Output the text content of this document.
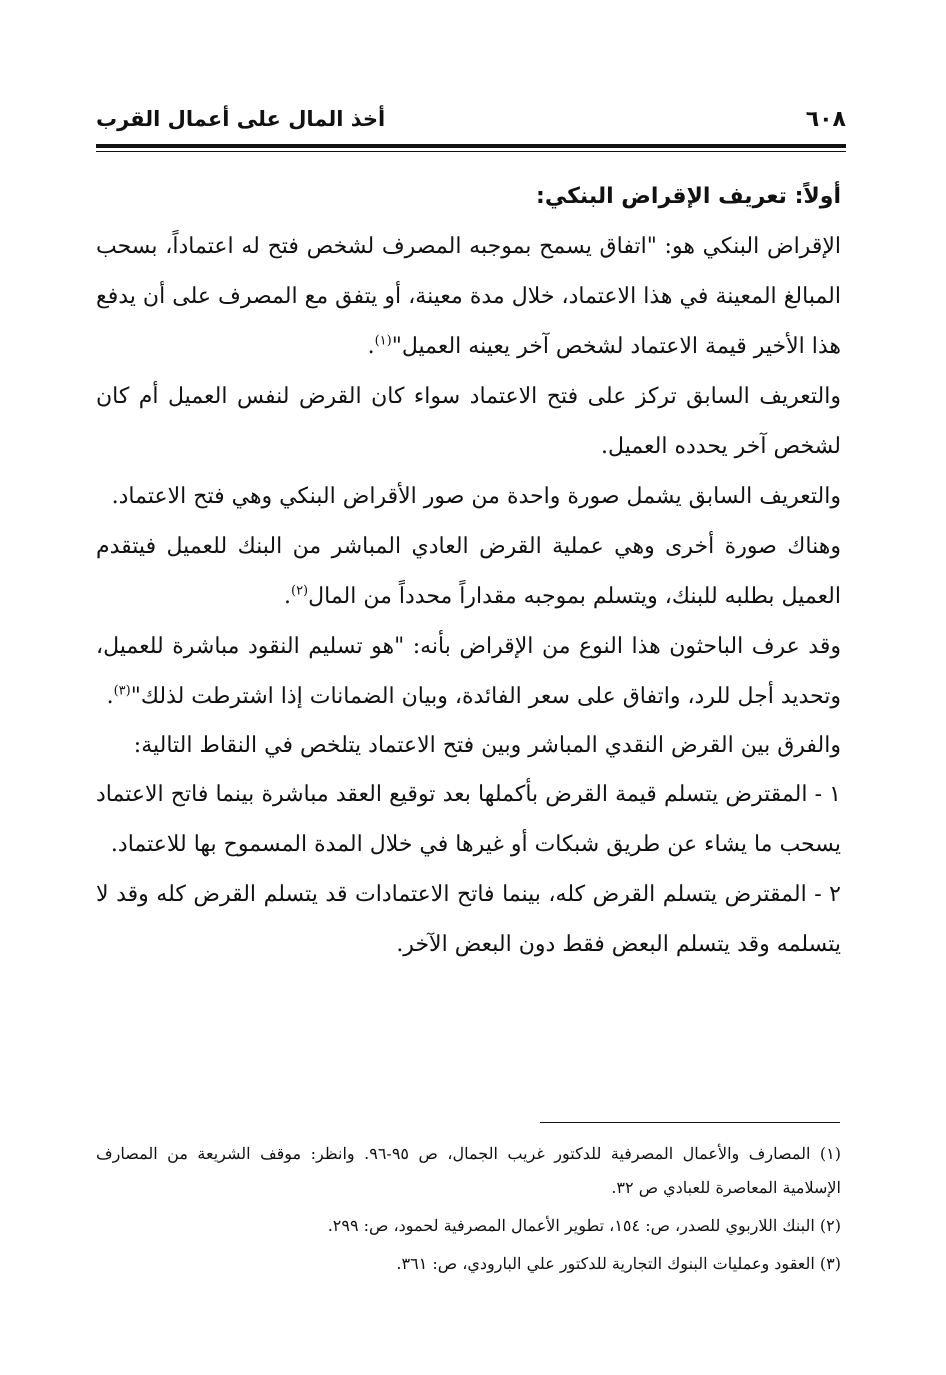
٦٠٨
أخذ المال على أعمال القرب
أولاً: تعريف الإقراض البنكي:

الإقراض البنكي هو: "اتفاق يسمح بموجبه المصرف لشخص فتح له اعتماداً، بسحب المبالغ المعينة في هذا الاعتماد، خلال مدة معينة، أو يتفق مع المصرف على أن يدفع هذا الأخير قيمة الاعتماد لشخص آخر يعينه العميل"$^{(١)}$.

والتعريف السابق تركز على فتح الاعتماد سواء كان القرض لنفس العميل أم كان لشخص آخر يحدده العميل.

والتعريف السابق يشمل صورة واحدة من صور الأقراض البنكي وهي فتح الاعتماد.

وهناك صورة أخرى وهي عملية القرض العادي المباشر من البنك للعميل فيتقدم العميل بطلبه للبنك، ويتسلم بموجبه مقداراً محدداً من المال$^{(٢)}$.

وقد عرف الباحثون هذا النوع من الإقراض بأنه: "هو تسليم النقود مباشرة للعميل، وتحديد أجل للرد، واتفاق على سعر الفائدة، وبيان الضمانات إذا اشترطت لذلك"$^{(٣)}$.

والفرق بين القرض النقدي المباشر وبين فتح الاعتماد يتلخص في النقاط التالية:

١ - المقترض يتسلم قيمة القرض بأكملها بعد توقيع العقد مباشرة بينما فاتح الاعتماد يسحب ما يشاء عن طريق شبكات أو غيرها في خلال المدة المسموح بها للاعتماد.

٢ - المقترض يتسلم القرض كله، بينما فاتح الاعتمادات قد يتسلم القرض كله وقد لا يتسلمه وقد يتسلم البعض فقط دون البعض الآخر.

(١) المصارف والأعمال المصرفية للدكتور غريب الجمال، ص ٩٥-٩٦. وانظر: موقف الشريعة من المصارف الإسلامية المعاصرة للعبادي ص ٣٢.

(٢) البنك اللاربوي للصدر، ص: ١٥٤، تطوير الأعمال المصرفية لحمود، ص: ٢٩٩.

(٣) العقود وعمليات البنوك التجارية للدكتور علي البارودي، ص: ٣٦١.
